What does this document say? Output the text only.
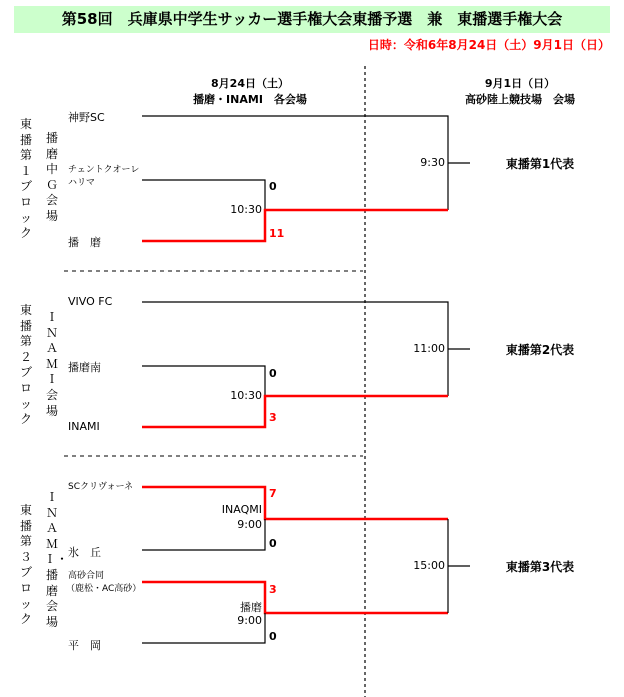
第58回　兵庫県中学生サッカー選手権大会東播予選　兼　東播選手権大会
日時：令和6年8月24日（土）9月1日（日）
8月24日（土）
播磨・INAMI　各会場
9月1日（日）
高砂陸上競技場　会場
東播第１ブロック
播磨中Ｇ会場
神野SC
チェントクオーレハリマ
播　磨
10:30
0
11
9:30	東播第1代表
東播第２ブロック
ＩＮＡＭＩ会場
VIVO FC
播磨南
INAMI
10:30
0
3
11:00	東播第2代表
東播第３ブロック
ＩＮＡＭＩ・播磨会場
SCクリヴォーネ
氷　丘
高砂合同
（鹿松・AC高砂）
平　岡
INAQMI
9:00
7
0
播磨
9:00
3
0
15:00	東播第3代表
